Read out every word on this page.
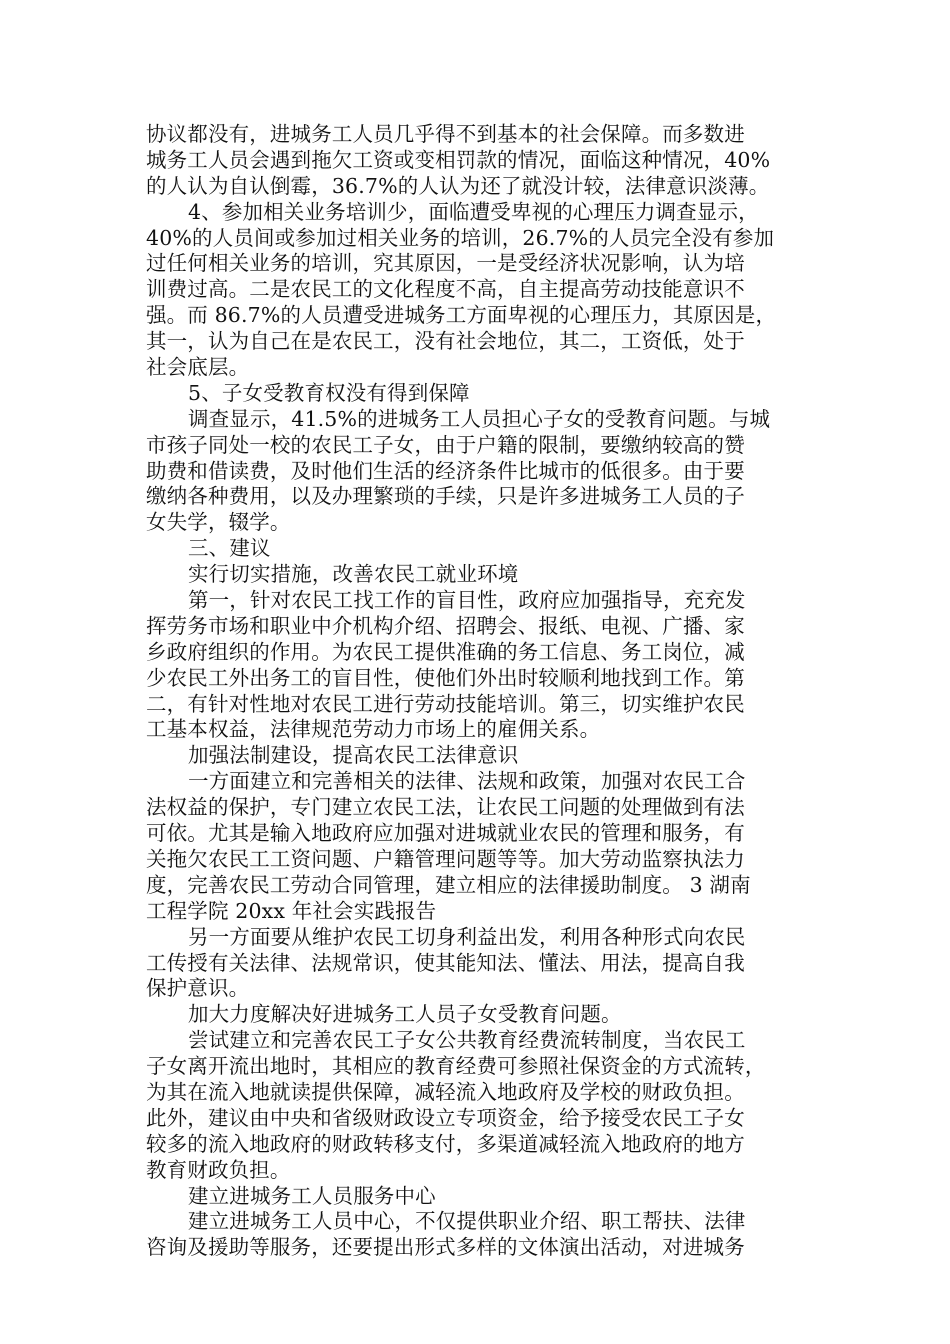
协议都没有，进城务工人员几乎得不到基本的社会保障。而多数进
城务工人员会遇到拖欠工资或变相罚款的情况，面临这种情况，40%
的人认为自认倒霉，36.7%的人认为还了就没计较，法律意识淡薄。
4、参加相关业务培训少，面临遭受卑视的心理压力调查显示，
40%的人员间或参加过相关业务的培训，26.7%的人员完全没有参加
过任何相关业务的培训，究其原因，一是受经济状况影响，认为培
训费过高。二是农民工的文化程度不高，自主提高劳动技能意识不
强。而 86.7%的人员遭受进城务工方面卑视的心理压力，其原因是，
其一，认为自己在是农民工，没有社会地位，其二，工资低，处于
社会底层。
5、子女受教育权没有得到保障
调查显示，41.5%的进城务工人员担心子女的受教育问题。与城
市孩子同处一校的农民工子女，由于户籍的限制，要缴纳较高的赞
助费和借读费，及时他们生活的经济条件比城市的低很多。由于要
缴纳各种费用，以及办理繁琐的手续，只是许多进城务工人员的子
女失学，辍学。
三、建议
实行切实措施，改善农民工就业环境
第一，针对农民工找工作的盲目性，政府应加强指导，充充发
挥劳务市场和职业中介机构介绍、招聘会、报纸、电视、广播、家
乡政府组织的作用。为农民工提供准确的务工信息、务工岗位，减
少农民工外出务工的盲目性，使他们外出时较顺利地找到工作。第
二，有针对性地对农民工进行劳动技能培训。第三，切实维护农民
工基本权益，法律规范劳动力市场上的雇佣关系。
加强法制建设，提高农民工法律意识
一方面建立和完善相关的法律、法规和政策，加强对农民工合
法权益的保护，专门建立农民工法，让农民工问题的处理做到有法
可依。尤其是输入地政府应加强对进城就业农民的管理和服务，有
关拖欠农民工工资问题、户籍管理问题等等。加大劳动监察执法力
度，完善农民工劳动合同管理，建立相应的法律援助制度。 3 湖南
工程学院 20xx 年社会实践报告
另一方面要从维护农民工切身利益出发，利用各种形式向农民
工传授有关法律、法规常识，使其能知法、懂法、用法，提高自我
保护意识。
加大力度解决好进城务工人员子女受教育问题。
尝试建立和完善农民工子女公共教育经费流转制度，当农民工
子女离开流出地时，其相应的教育经费可参照社保资金的方式流转，
为其在流入地就读提供保障，减轻流入地政府及学校的财政负担。
此外，建议由中央和省级财政设立专项资金，给予接受农民工子女
较多的流入地政府的财政转移支付，多渠道减轻流入地政府的地方
教育财政负担。
建立进城务工人员服务中心
建立进城务工人员中心，不仅提供职业介绍、职工帮扶、法律
咨询及援助等服务，还要提出形式多样的文体演出活动，对进城务
